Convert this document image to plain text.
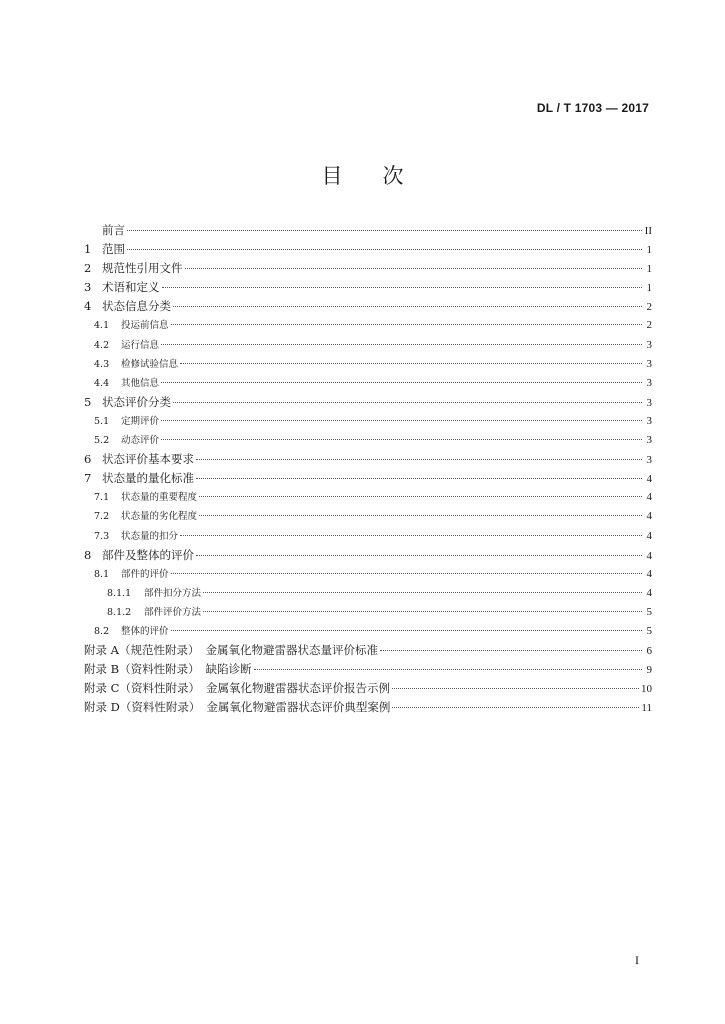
DL / T 1703 — 2017
目次
前言	II
1 范围	1
2 规范性引用文件	1
3 术语和定义	1
4 状态信息分类	2
4.1	投运前信息	2
4.2	运行信息	3
4.3	检修试验信息	3
4.4	其他信息	3
5 状态评价分类	3
5.1	定期评价	3
5.2	动态评价	3
6 状态评价基本要求	3
7 状态量的量化标准	4
7.1	状态量的重要程度	4
7.2	状态量的劣化程度	4
7.3	状态量的扣分	4
8 部件及整体的评价	4
8.1	部件的评价	4
8.1.1	部件扣分方法	4
8.1.2	部件评价方法	5
8.2	整体的评价	5
附录 A（规范性附录） 金属氧化物避雷器状态量评价标准	6
附录 B（资料性附录） 缺陷诊断	9
附录 C（资料性附录） 金属氧化物避雷器状态评价报告示例	10
附录 D（资料性附录） 金属氧化物避雷器状态评价典型案例	11
I
